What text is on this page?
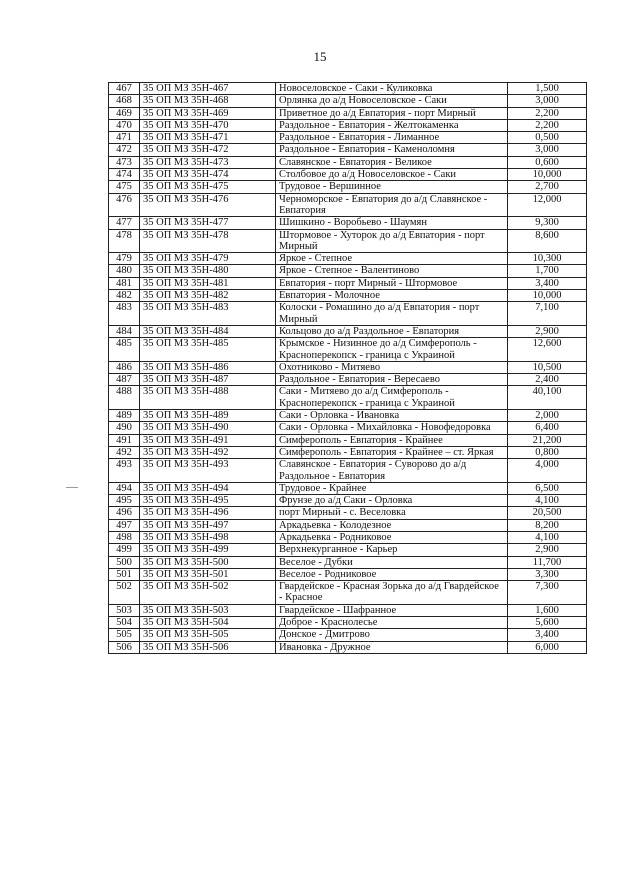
15
467	35 ОП МЗ 35Н-467	Новоселовское - Саки - Куликовка	1,500
468	35 ОП МЗ 35Н-468	Орлянка до а/д Новоселовское - Саки	3,000
469	35 ОП МЗ 35Н-469	Приветное до а/д Евпатория - порт Мирный	2,200
470	35 ОП МЗ 35Н-470	Раздольное - Евпатория - Желтокаменка	2,200
471	35 ОП МЗ 35Н-471	Раздольное - Евпатория - Лиманное	0,500
472	35 ОП МЗ 35Н-472	Раздольное - Евпатория - Каменоломня	3,000
473	35 ОП МЗ 35Н-473	Славянское - Евпатория - Великое	0,600
474	35 ОП МЗ 35Н-474	Столбовое до а/д Новоселовское - Саки	10,000
475	35 ОП МЗ 35Н-475	Трудовое - Вершинное	2,700
476	35 ОП МЗ 35Н-476	Черноморское - Евпатория до а/д Славянское - Евпатория	12,000
477	35 ОП МЗ 35Н-477	Шишкино - Воробьево - Шаумян	9,300
478	35 ОП МЗ 35Н-478	Штормовое - Хуторок до а/д Евпатория - порт Мирный	8,600
479	35 ОП МЗ 35Н-479	Яркое - Степное	10,300
480	35 ОП МЗ 35Н-480	Яркое - Степное - Валентиново	1,700
481	35 ОП МЗ 35Н-481	Евпатория - порт Мирный - Штормовое	3,400
482	35 ОП МЗ 35Н-482	Евпатория - Молочное	10,000
483	35 ОП МЗ 35Н-483	Колоски - Ромашино до а/д Евпатория - порт Мирный	7,100
484	35 ОП МЗ 35Н-484	Кольцово до а/д Раздольное - Евпатория	2,900
485	35 ОП МЗ 35Н-485	Крымское - Низинное до а/д Симферополь - Красноперекопск - граница с Украиной	12,600
486	35 ОП МЗ 35Н-486	Охотниково - Митяево	10,500
487	35 ОП МЗ 35Н-487	Раздольное - Евпатория - Вересаево	2,400
488	35 ОП МЗ 35Н-488	Саки - Митяево до а/д Симферополь - Красноперекопск - граница с Украиной	40,100
489	35 ОП МЗ 35Н-489	Саки - Орловка - Ивановка	2,000
490	35 ОП МЗ 35Н-490	Саки - Орловка - Михайловка - Новофедоровка	6,400
491	35 ОП МЗ 35Н-491	Симферополь - Евпатория - Крайнее	21,200
492	35 ОП МЗ 35Н-492	Симферополь - Евпатория - Крайнее – ст. Яркая	0,800
493	35 ОП МЗ 35Н-493	Славянское - Евпатория - Суворово до а/д Раздольное - Евпатория	4,000
494	35 ОП МЗ 35Н-494	Трудовое - Крайнее	6,500
495	35 ОП МЗ 35Н-495	Фрунзе до а/д Саки - Орловка	4,100
496	35 ОП МЗ 35Н-496	порт Мирный - с. Веселовка	20,500
497	35 ОП МЗ 35Н-497	Аркадьевка - Колодезное	8,200
498	35 ОП МЗ 35Н-498	Аркадьевка - Родниковое	4,100
499	35 ОП МЗ 35Н-499	Верхнекурганное - Карьер	2,900
500	35 ОП МЗ 35Н-500	Веселое - Дубки	11,700
501	35 ОП МЗ 35Н-501	Веселое - Родниковое	3,300
502	35 ОП МЗ 35Н-502	Гвардейское - Красная Зорька до а/д Гвардейское - Красное	7,300
503	35 ОП МЗ 35Н-503	Гвардейское - Шафранное	1,600
504	35 ОП МЗ 35Н-504	Доброе - Краснолесье	5,600
505	35 ОП МЗ 35Н-505	Донское - Дмитрово	3,400
506	35 ОП МЗ 35Н-506	Ивановка - Дружное	6,000
